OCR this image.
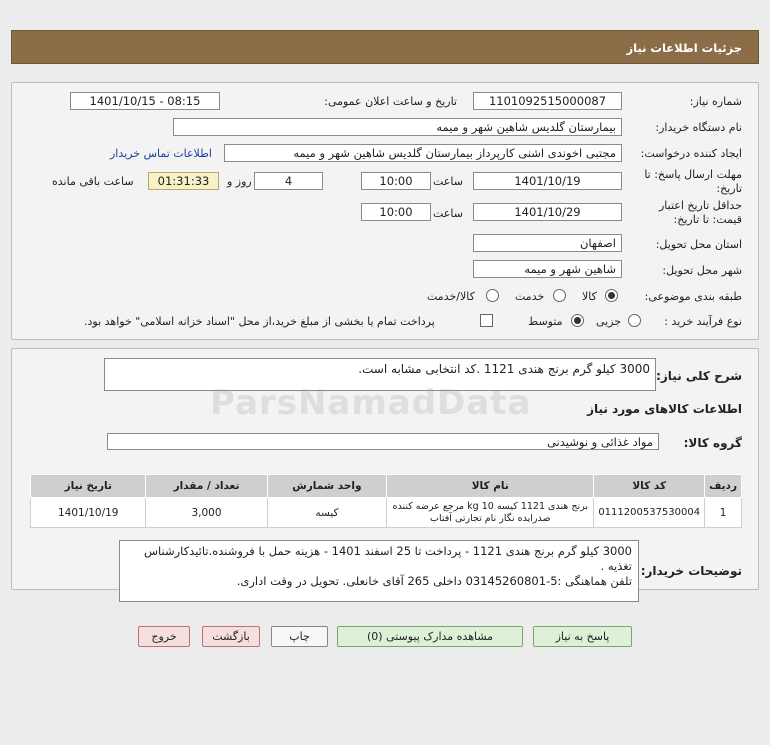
جزئیات اطلاعات نیاز
شماره نیاز:
1101092515000087
تاریخ و ساعت اعلان عمومی:
1401/10/15 - 08:15
نام دستگاه خریدار:
بیمارستان گلدیس شاهین شهر و میمه
ایجاد کننده درخواست:
مجتبی اخوندی اشنی کارپرداز بیمارستان گلدیس شاهین شهر و میمه
اطلاعات تماس خریدار
مهلت ارسال پاسخ: تا تاریخ:
1401/10/19
ساعت
10:00
4
روز و
01:31:33
ساعت باقی مانده
حداقل تاریخ اعتبار قیمت: تا تاریخ:
1401/10/29
ساعت
10:00
استان محل تحویل:
اصفهان
شهر محل تحویل:
شاهین شهر و میمه
طبقه بندی موضوعی:
کالا
خدمت
کالا/خدمت
نوع فرآیند خرید :
جزیی
متوسط
پرداخت تمام یا بخشی از مبلغ خرید،از محل "اسناد خزانه اسلامی" خواهد بود.
شرح کلی نیاز:
3000 کیلو گرم برنج هندی 1121 .کد انتخابی مشابه است.
اطلاعات کالاهای مورد نیاز
گروه کالا:
مواد غذائی و نوشیدنی
ردیف	کد کالا	نام کالا	واحد شمارش	تعداد / مقدار	تاریخ نیاز
1	0111200537530004	برنج هندی 1121 کیسه 10 kg مرجع عرضه کننده صدرایده نگار نام تجارتی آفتاب	کیسه	3,000	1401/10/19
توضیحات خریدار:
3000 کیلو گرم برنج هندی 1121 - پرداخت تا 25 اسفند 1401 - هزینه حمل با فروشنده.تائیدکارشناس تغذیه .
تلفن هماهنگی :5-03145260801 داخلی 265 آقای خانعلی. تحویل در وقت اداری.
پاسخ به نیاز
مشاهده مدارک پیوستی (0)
چاپ
بازگشت
خروج
ParsNamadData
